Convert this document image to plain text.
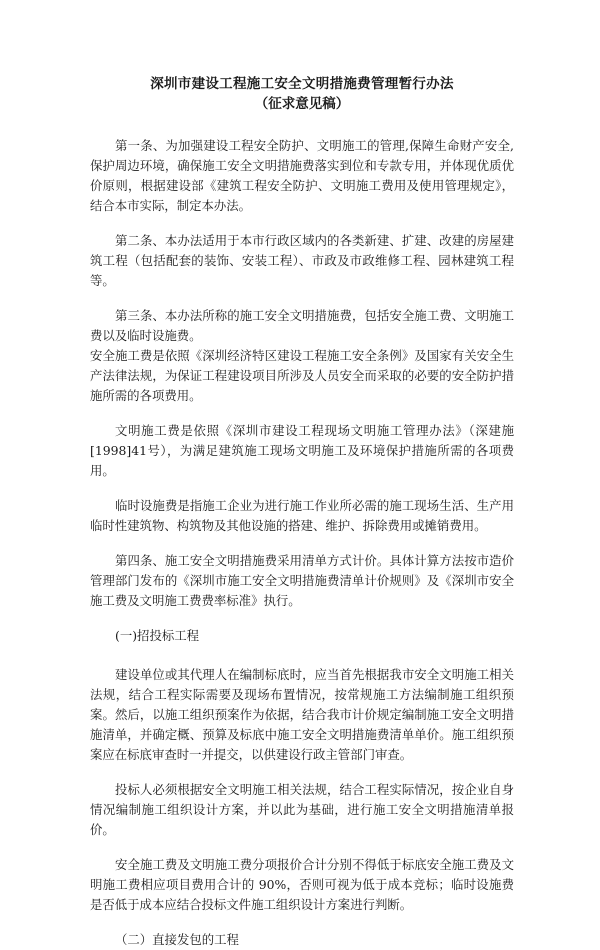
深圳市建设工程施工安全文明措施费管理暂行办法
（征求意见稿）

第一条、为加强建设工程安全防护、文明施工的管理,保障生命财产安全,保护周边环境，确保施工安全文明措施费落实到位和专款专用，并体现优质优价原则，根据建设部《建筑工程安全防护、文明施工费用及使用管理规定》，结合本市实际，制定本办法。

第二条、本办法适用于本市行政区域内的各类新建、扩建、改建的房屋建筑工程（包括配套的装饰、安装工程）、市政及市政维修工程、园林建筑工程等。

第三条、本办法所称的施工安全文明措施费，包括安全施工费、文明施工费以及临时设施费。

安全施工费是依照《深圳经济特区建设工程施工安全条例》及国家有关安全生产法律法规，为保证工程建设项目所涉及人员安全而采取的必要的安全防护措施所需的各项费用。

文明施工费是依照《深圳市建设工程现场文明施工管理办法》（深建施[1998]41号），为满足建筑施工现场文明施工及环境保护措施所需的各项费用。

临时设施费是指施工企业为进行施工作业所必需的施工现场生活、生产用临时性建筑物、构筑物及其他设施的搭建、维护、拆除费用或摊销费用。

第四条、施工安全文明措施费采用清单方式计价。具体计算方法按市造价管理部门发布的《深圳市施工安全文明措施费清单计价规则》及《深圳市安全施工费及文明施工费费率标准》执行。

(一)招投标工程

建设单位或其代理人在编制标底时，应当首先根据我市安全文明施工相关法规，结合工程实际需要及现场布置情况，按常规施工方法编制施工组织预案。然后，以施工组织预案作为依据，结合我市计价规定编制施工安全文明措施清单，并确定概、预算及标底中施工安全文明措施费清单单价。施工组织预案应在标底审查时一并提交，以供建设行政主管部门审查。

投标人必须根据安全文明施工相关法规，结合工程实际情况，按企业自身情况编制施工组织设计方案，并以此为基础，进行施工安全文明措施清单报价。

安全施工费及文明施工费分项报价合计分别不得低于标底安全施工费及文明施工费相应项目费用合计的 90%，否则可视为低于成本竞标；临时设施费是否低于成本应结合投标文件施工组织设计方案进行判断。

（二）直接发包的工程
